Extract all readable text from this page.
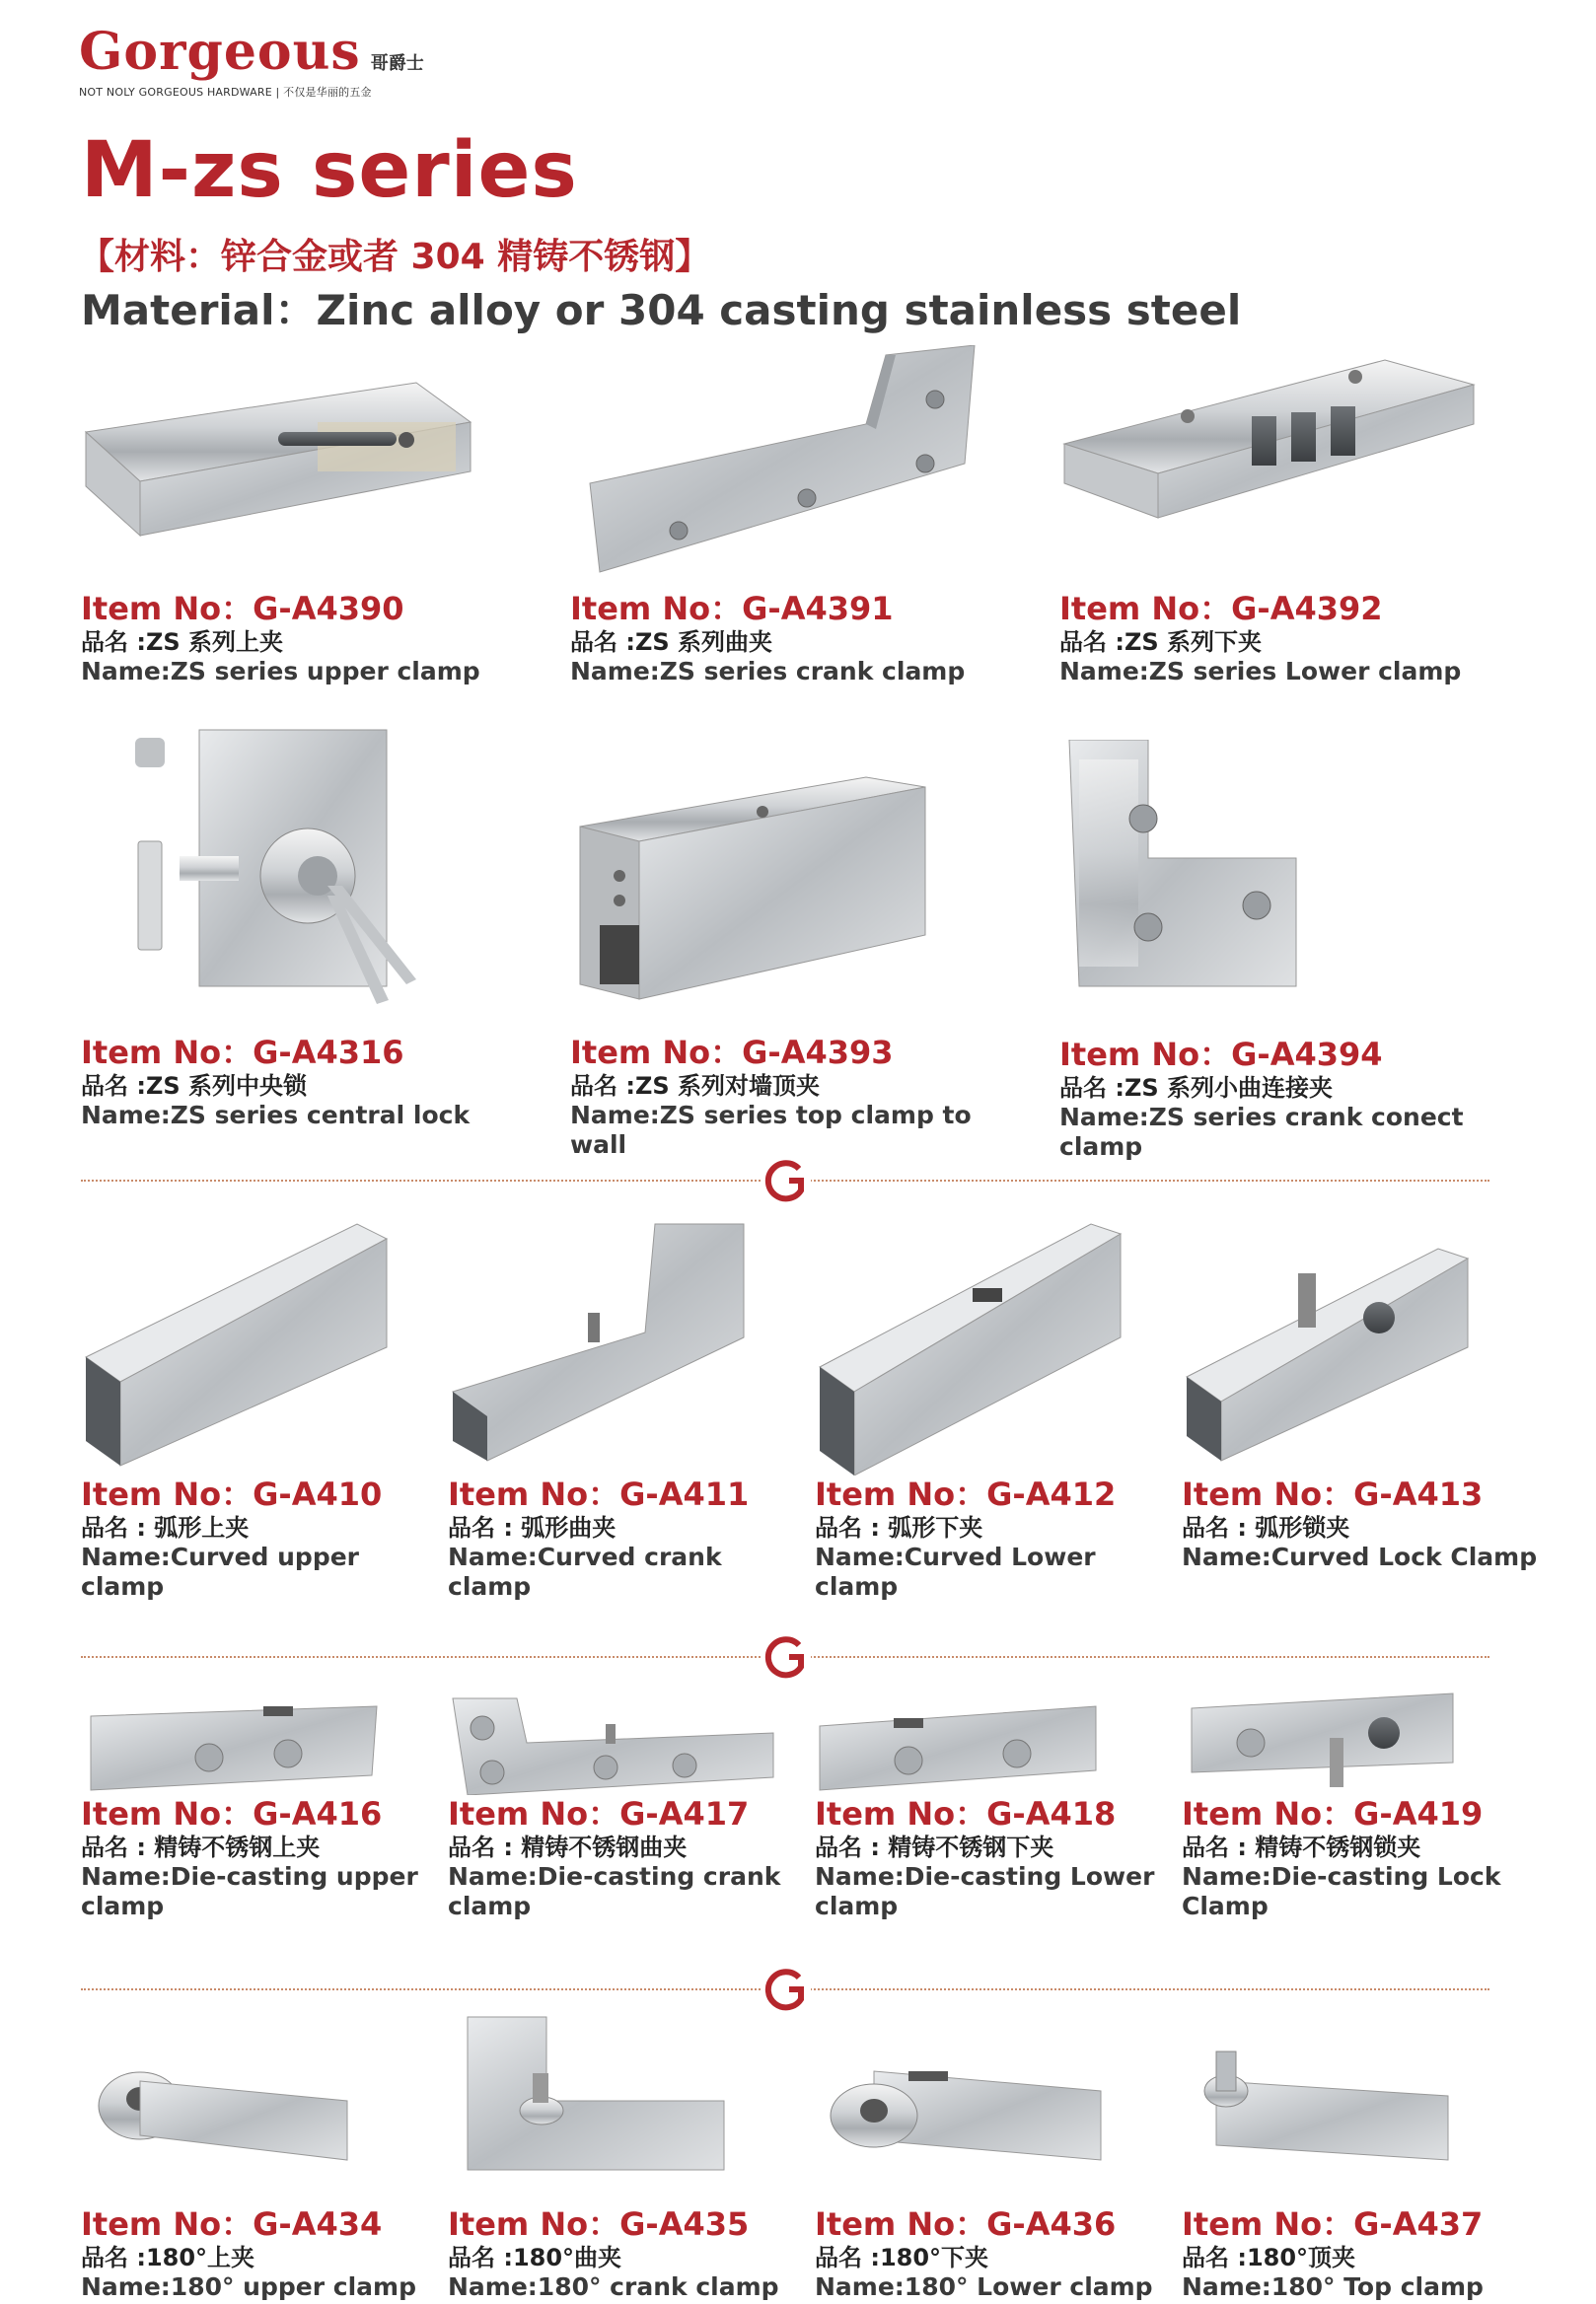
Gorgeous 哥爵士
NOT NOLY GORGEOUS HARDWARE | 不仅是华丽的五金
M-zs series
【材料：锌合金或者 304 精铸不锈钢】
Material：Zinc alloy or 304 casting stainless steel
Item No：G-A4390
品名 :ZS 系列上夹
Name:ZS series upper clamp
Item No：G-A4391
品名 :ZS 系列曲夹
Name:ZS series crank clamp
Item No：G-A4392
品名 :ZS 系列下夹
Name:ZS series Lower clamp
Item No：G-A4316
品名 :ZS 系列中央锁
Name:ZS series central lock
Item No：G-A4393
品名 :ZS 系列对墙顶夹
Name:ZS series top clamp to wall
Item No：G-A4394
品名 :ZS 系列小曲连接夹
Name:ZS series crank conect clamp
Item No：G-A410
品名 : 弧形上夹
Name:Curved upper clamp
Item No：G-A411
品名 : 弧形曲夹
Name:Curved crank clamp
Item No：G-A412
品名 : 弧形下夹
Name:Curved Lower clamp
Item No：G-A413
品名 : 弧形锁夹
Name:Curved Lock Clamp
Item No：G-A416
品名 : 精铸不锈钢上夹
Name:Die-casting upper clamp
Item No：G-A417
品名 : 精铸不锈钢曲夹
Name:Die-casting crank clamp
Item No：G-A418
品名 : 精铸不锈钢下夹
Name:Die-casting Lower clamp
Item No：G-A419
品名 : 精铸不锈钢锁夹
Name:Die-casting Lock Clamp
Item No：G-A434
品名 :180°上夹
Name:180° upper clamp
Item No：G-A435
品名 :180°曲夹
Name:180° crank clamp
Item No：G-A436
品名 :180°下夹
Name:180° Lower clamp
Item No：G-A437
品名 :180°顶夹
Name:180° Top clamp
